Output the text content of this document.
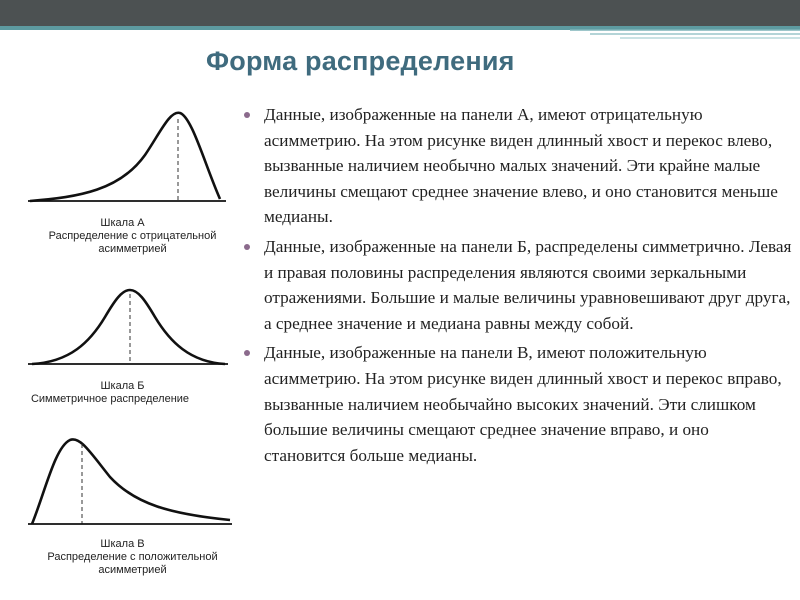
Форма распределения
Шкала А
Распределение с отрицательной асимметрией
Шкала Б
Симметричное распределение
Шкала В
Распределение с положительной асимметрией
Данные, изображенные на панели А, имеют отрицательную асимметрию. На этом рисунке виден длинный хвост и перекос влево, вызванные наличием необычно малых значений. Эти крайне малые величины смещают среднее значение влево, и оно становится меньше медианы.
Данные, изображенные на панели Б, распределены симметрично. Левая и правая половины распределения являются своими зеркальными отражениями. Большие и малые величины уравновешивают друг друга, а среднее значение и медиана равны между собой.
Данные, изображенные на панели В, имеют положительную асимметрию. На этом рисунке виден длинный хвост и перекос вправо, вызванные наличием необычайно высоких значений. Эти слишком большие величины смещают среднее значение вправо, и оно становится больше медианы.
